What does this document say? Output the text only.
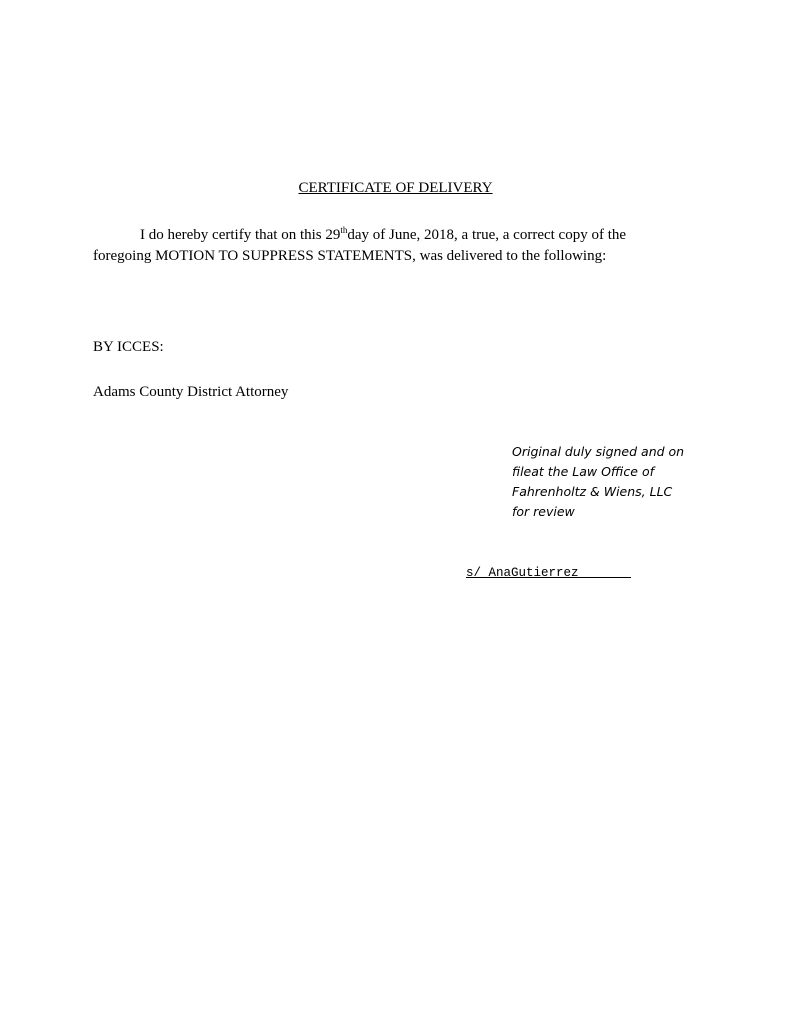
CERTIFICATE OF DELIVERY
I do hereby certify that on this 29thday of June, 2018, a true, a correct copy of the
foregoing MOTION TO SUPPRESS STATEMENTS, was delivered to the following:
BY ICCES:
Adams County District Attorney
Original duly signed and on fileat the Law Office of Fahrenholtz & Wiens, LLC for review
s/ AnaGutierrez
